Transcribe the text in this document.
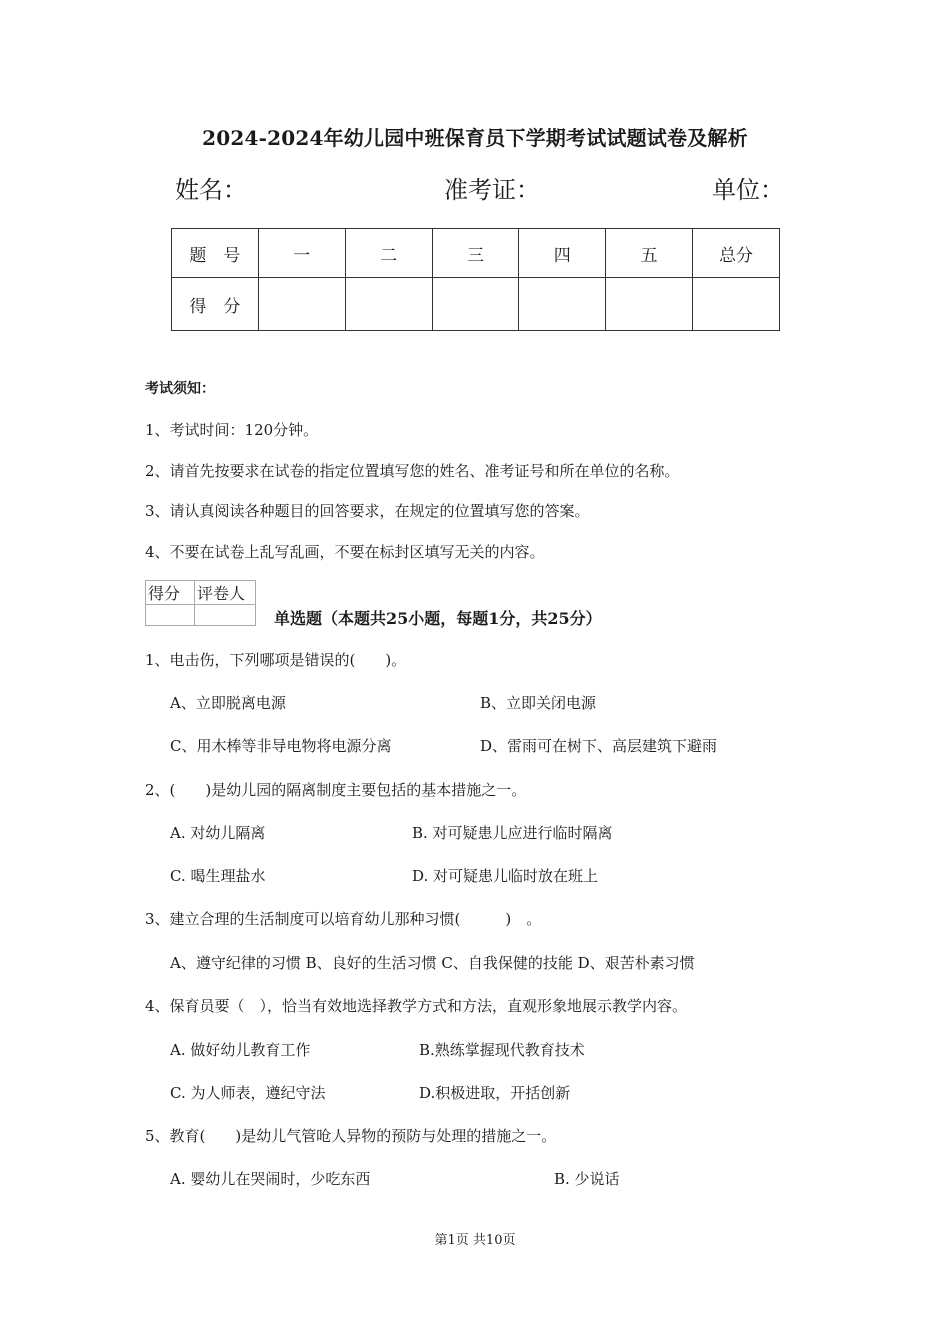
2024-2024年幼儿园中班保育员下学期考试试题试卷及解析
姓名：	准考证：	单位：
题　号	一	二	三	四	五	总分
得　分						
考试须知：
1、考试时间：120分钟。
2、请首先按要求在试卷的指定位置填写您的姓名、准考证号和所在单位的名称。
3、请认真阅读各种题目的回答要求，在规定的位置填写您的答案。
4、不要在试卷上乱写乱画，不要在标封区填写无关的内容。
得分	评卷人

单选题（本题共25小题，每题1分，共25分）
1、电击伤，下列哪项是错误的(　　)。
A、立即脱离电源	B、立即关闭电源
C、用木棒等非导电物将电源分离	D、雷雨可在树下、高层建筑下避雨
2、(　　)是幼儿园的隔离制度主要包括的基本措施之一。
A. 对幼儿隔离	B. 对可疑患儿应进行临时隔离
C. 喝生理盐水	D. 对可疑患儿临时放在班上
3、建立合理的生活制度可以培育幼儿那种习惯(　　　)　。
A、遵守纪律的习惯 B、良好的生活习惯 C、自我保健的技能 D、艰苦朴素习惯
4、保育员要（　），恰当有效地选择教学方式和方法，直观形象地展示教学内容。
A. 做好幼儿教育工作	B.熟练掌握现代教育技术
C. 为人师表，遵纪守法	D.积极进取，开括创新
5、教育(　　)是幼儿气管呛人异物的预防与处理的措施之一。
A. 婴幼儿在哭闹时，少吃东西	B. 少说话
第1页 共10页
